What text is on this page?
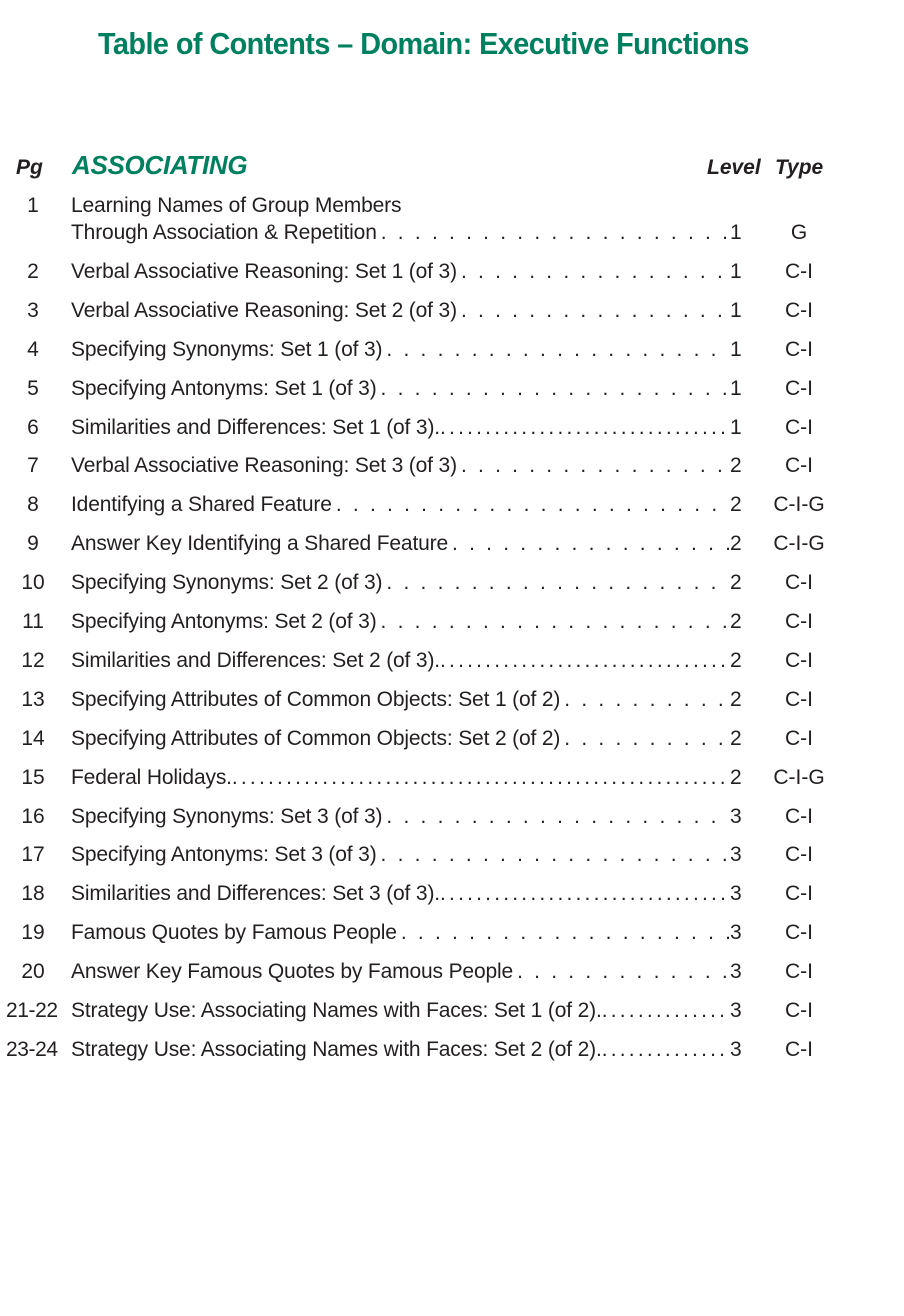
Table of Contents – Domain: Executive Functions
Pg ASSOCIATING	Level Type
1	Learning Names of Group Members
Through Association & Repetition . . .	1	G
2	Verbal Associative Reasoning: Set 1 (of 3) . . .	1	C-I
3	Verbal Associative Reasoning: Set 2 (of 3) . . .	1	C-I
4	Specifying Synonyms: Set 1 (of 3) . . .	1	C-I
5	Specifying Antonyms: Set 1 (of 3) . . .	1	C-I
6	Similarities and Differences: Set 1 (of 3). .....	1	C-I
7	Verbal Associative Reasoning: Set 3 (of 3) . . .	2	C-I
8	Identifying a Shared Feature . . .	2	C-I-G
9	Answer Key Identifying a Shared Feature . . .	2	C-I-G
10	Specifying Synonyms: Set 2 (of 3) . . .	2	C-I
11	Specifying Antonyms: Set 2 (of 3) . . .	2	C-I
12	Similarities and Differences: Set 2 (of 3). .....	2	C-I
13	Specifying Attributes of Common Objects: Set 1 (of 2) . . .	2	C-I
14	Specifying Attributes of Common Objects: Set 2 (of 2) . . .	2	C-I
15	Federal Holidays. .....	2	C-I-G
16	Specifying Synonyms: Set 3 (of 3) . . .	3	C-I
17	Specifying Antonyms: Set 3 (of 3) . . .	3	C-I
18	Similarities and Differences: Set 3 (of 3). .....	3	C-I
19	Famous Quotes by Famous People . . .	3	C-I
20	Answer Key Famous Quotes by Famous People . . .	3	C-I
21-22 Strategy Use: Associating Names with Faces: Set 1 (of 2). .....	3	C-I
23-24 Strategy Use: Associating Names with Faces: Set 2 (of 2). .....	3	C-I
